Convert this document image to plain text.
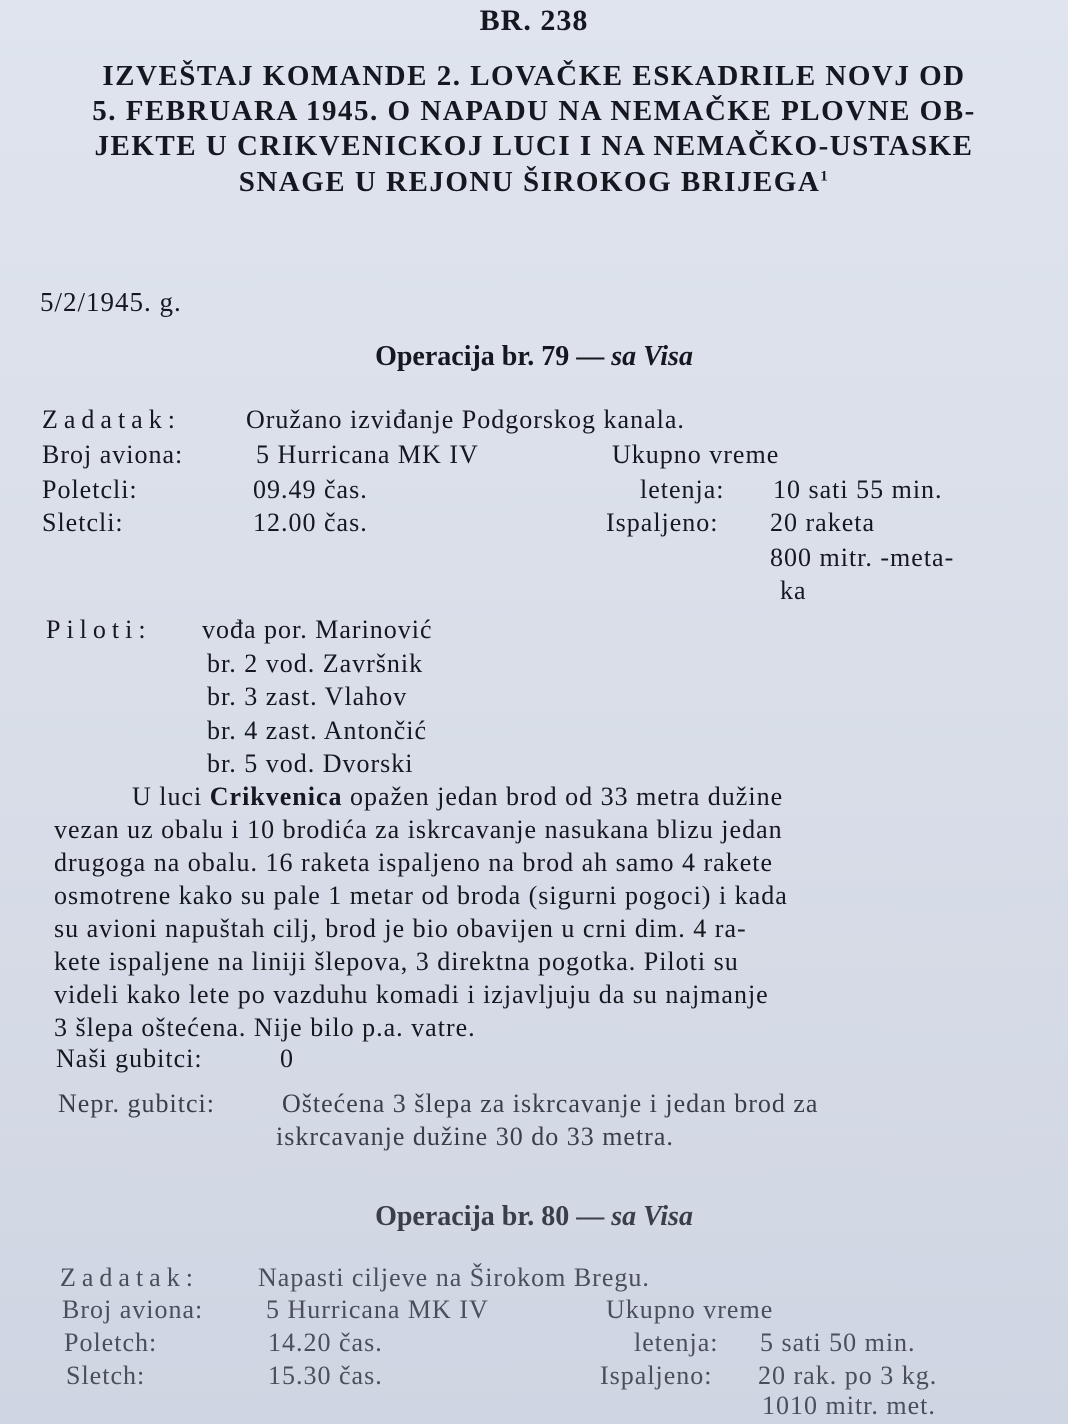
BR. 238
IZVEŠTAJ KOMANDE 2. LOVAČKE ESKADRILE NOVJ OD
5. FEBRUARA 1945. O NAPADU NA NEMAČKE PLOVNE OB-
JEKTE U CRIKVENICKOJ LUCI I NA NEMAČKO-USTASKE
SNAGE U REJONU ŠIROKOG BRIJEGA$^1$
5/2/1945. g.
Operacija br. 79 — sa Visa
Zadatak:	Oružano izviđanje Podgorskog kanala.
Broj aviona:	5 Hurricana MK IV	Ukupno vreme
Poletcli:	09.49 čas.	letenja: 10 sati 55 min.
Sletcli:	12.00 čas.	Ispaljeno: 20 raketa
800 mitr. -meta-
ka
Piloti: vođa por. Marinović
br. 2 vod. Završnik
br. 3 zast. Vlahov
br. 4 zast. Antončić
br. 5 vod. Dvorski
U luci Crikvenica opažen jedan brod od 33 metra dužine
vezan uz obalu i 10 brodića za iskrcavanje nasukana blizu jedan
drugoga na obalu. 16 raketa ispaljeno na brod ah samo 4 rakete
osmotrene kako su pale 1 metar od broda (sigurni pogoci) i kada
su avioni napuštah cilj, brod je bio obavijen u crni dim. 4 ra-
kete ispaljene na liniji šlepova, 3 direktna pogotka. Piloti su
videli kako lete po vazduhu komadi i izjavljuju da su najmanje
3 šlepa oštećena. Nije bilo p.a. vatre.
Naši gubitci:	0
Nepr. gubitci:	Oštećena 3 šlepa za iskrcavanje i jedan brod za
iskrcavanje dužine 30 do 33 metra.
Operacija br. 80 — sa Visa
Zadatak: Napasti ciljeve na Širokom Bregu.
Broj aviona: 5 Hurricana MK IV	Ukupno vreme
Poletch:	14.20 čas.	letenja: 5 sati 50 min.
Sletch:	15.30 čas.	Ispaljeno: 20 rak. po 3 kg.
1010 mitr. met.
